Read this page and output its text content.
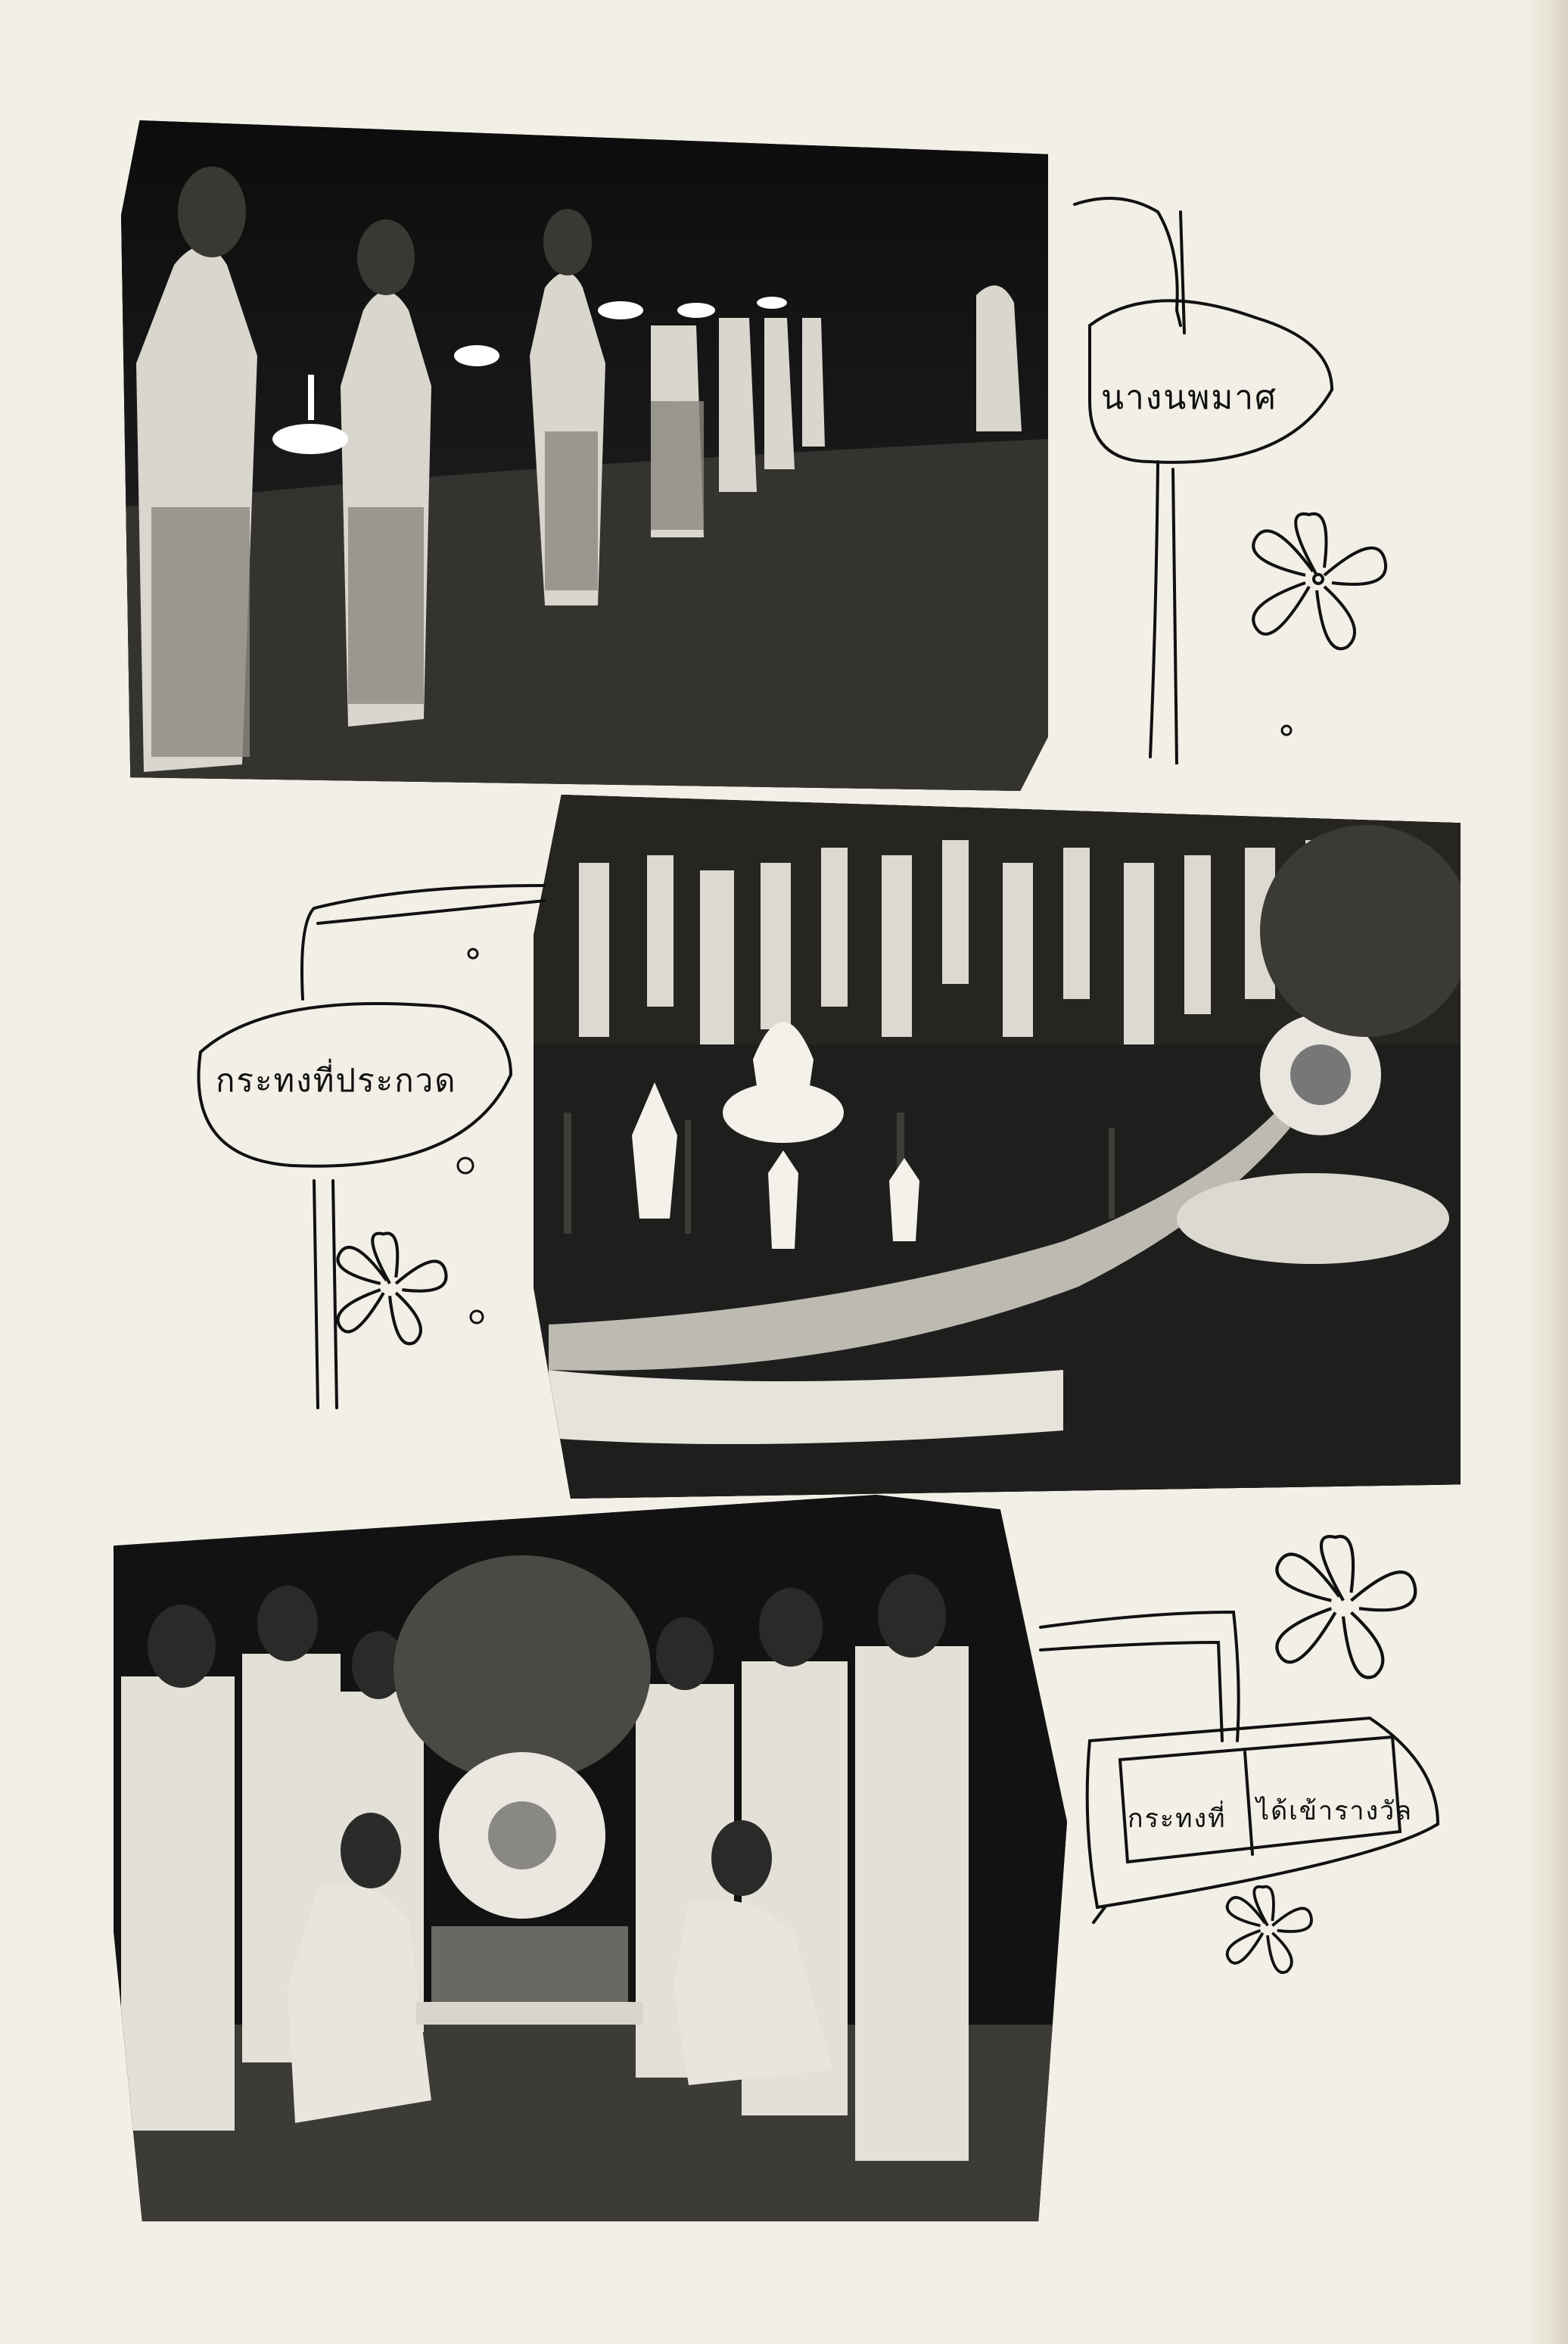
นางนพมาศ
กระทงที่ประกวด
กระทงที่ ได้เข้ารางวัล
